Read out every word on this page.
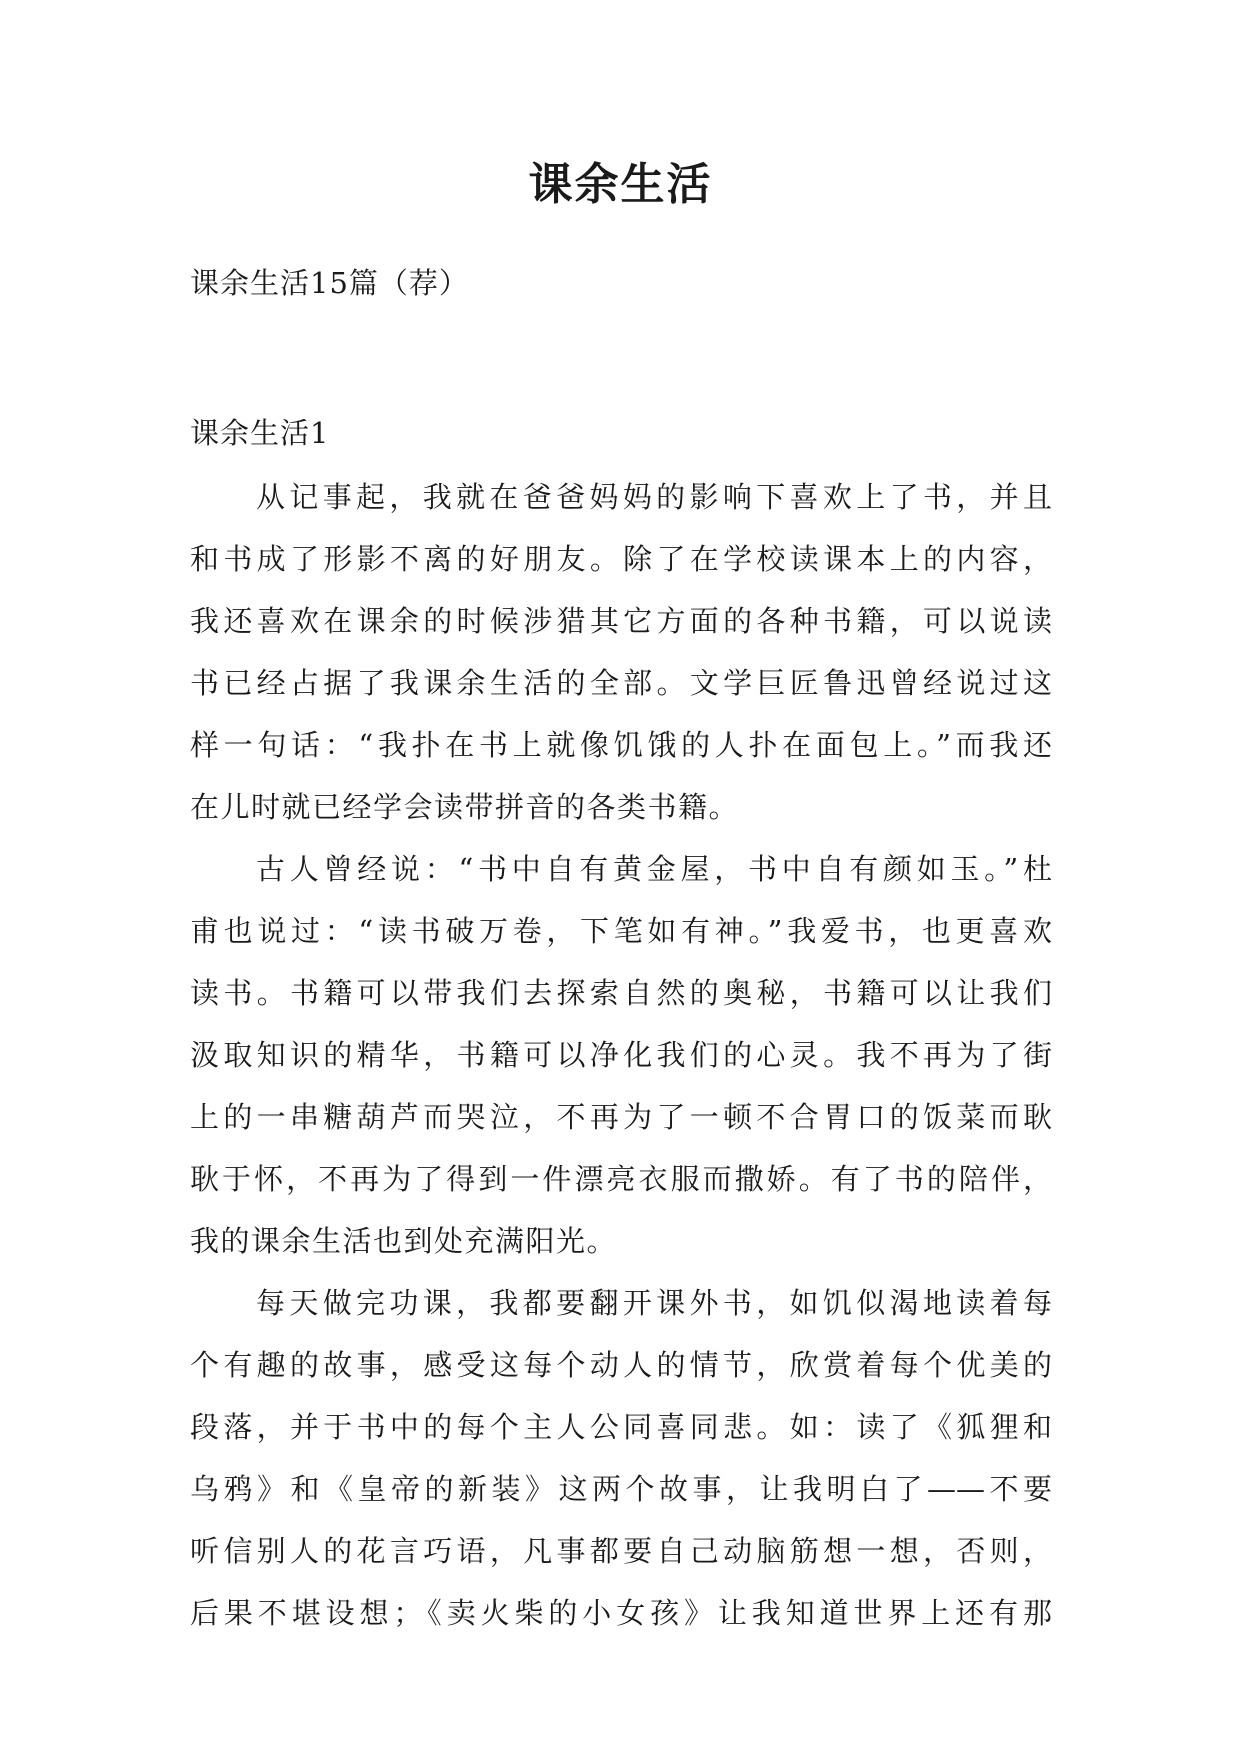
课余生活
课余生活15篇（荐）
课余生活1
从记事起，我就在爸爸妈妈的影响下喜欢上了书，并且
和书成了形影不离的好朋友。除了在学校读课本上的内容，
我还喜欢在课余的时候涉猎其它方面的各种书籍，可以说读
书已经占据了我课余生活的全部。文学巨匠鲁迅曾经说过这
样一句话：“我扑在书上就像饥饿的人扑在面包上。”而我还
在儿时就已经学会读带拼音的各类书籍。
古人曾经说：“书中自有黄金屋，书中自有颜如玉。”杜
甫也说过：“读书破万卷，下笔如有神。”我爱书，也更喜欢
读书。书籍可以带我们去探索自然的奥秘，书籍可以让我们
汲取知识的精华，书籍可以净化我们的心灵。我不再为了街
上的一串糖葫芦而哭泣，不再为了一顿不合胃口的饭菜而耿
耿于怀，不再为了得到一件漂亮衣服而撒娇。有了书的陪伴，
我的课余生活也到处充满阳光。
每天做完功课，我都要翻开课外书，如饥似渴地读着每
个有趣的故事，感受这每个动人的情节，欣赏着每个优美的
段落，并于书中的每个主人公同喜同悲。如：读了《狐狸和
乌鸦》和《皇帝的新装》这两个故事，让我明白了——不要
听信别人的花言巧语，凡事都要自己动脑筋想一想，否则，
后果不堪设想；《卖火柴的小女孩》让我知道世界上还有那
